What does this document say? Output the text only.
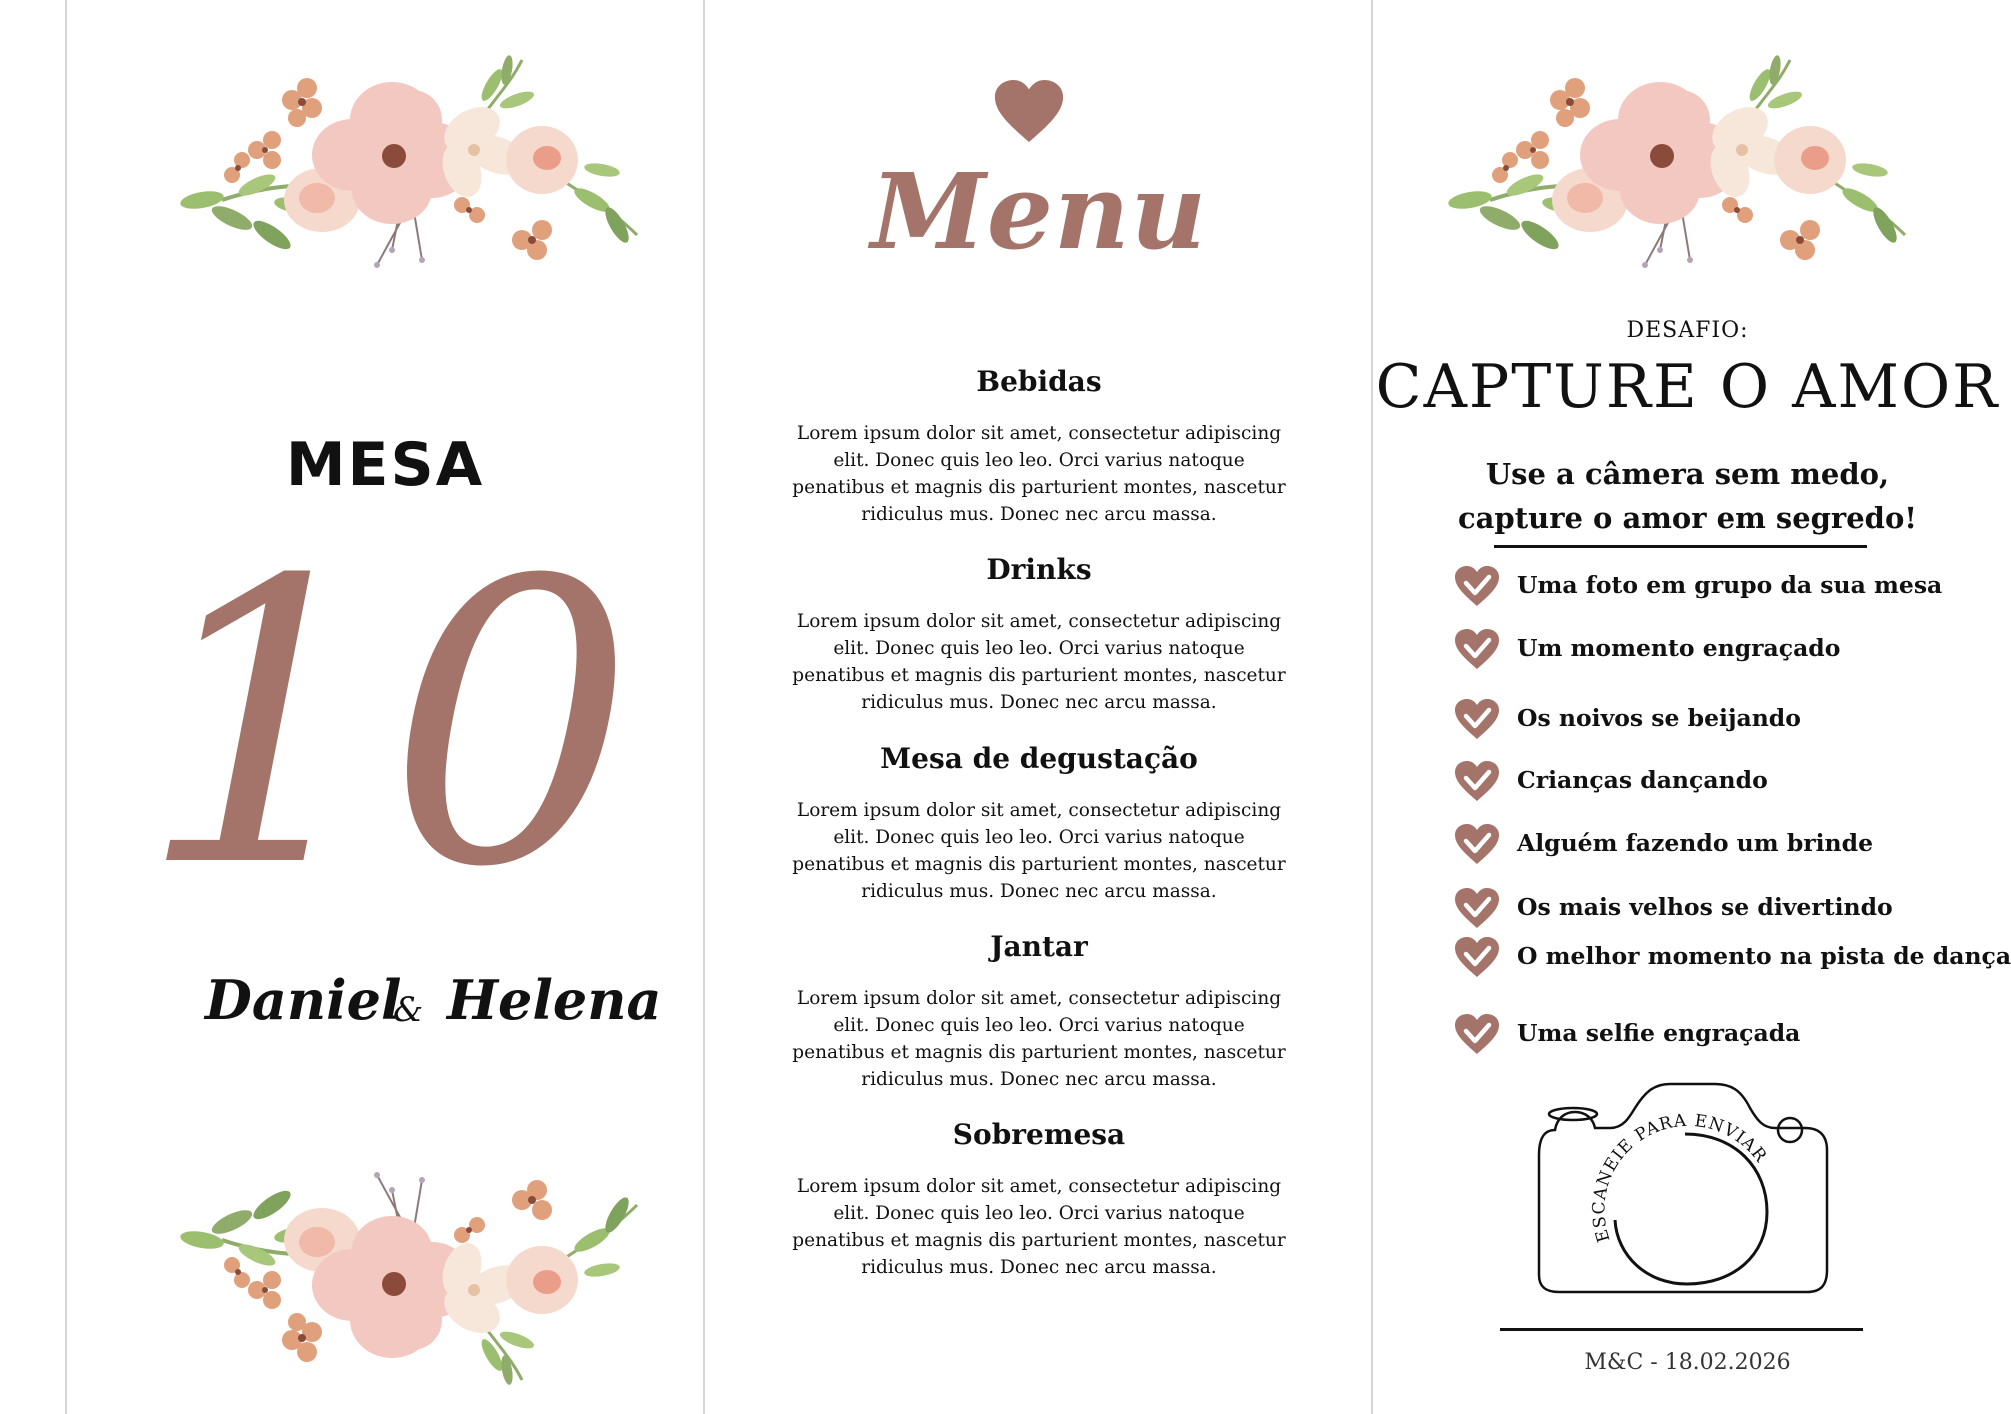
MESA
10
Daniel
& Helena
Menu
Bebidas
Lorem ipsum dolor sit amet, consectetur adipiscing elit. Donec quis leo leo. Orci varius natoque penatibus et magnis dis parturient montes, nascetur ridiculus mus. Donec nec arcu massa.
Drinks
Lorem ipsum dolor sit amet, consectetur adipiscing elit. Donec quis leo leo. Orci varius natoque penatibus et magnis dis parturient montes, nascetur ridiculus mus. Donec nec arcu massa.
Mesa de degustação
Lorem ipsum dolor sit amet, consectetur adipiscing elit. Donec quis leo leo. Orci varius natoque penatibus et magnis dis parturient montes, nascetur ridiculus mus. Donec nec arcu massa.
Jantar
Lorem ipsum dolor sit amet, consectetur adipiscing elit. Donec quis leo leo. Orci varius natoque penatibus et magnis dis parturient montes, nascetur ridiculus mus. Donec nec arcu massa.
Sobremesa
Lorem ipsum dolor sit amet, consectetur adipiscing elit. Donec quis leo leo. Orci varius natoque penatibus et magnis dis parturient montes, nascetur ridiculus mus. Donec nec arcu massa.
DESAFIO:
CAPTURE O AMOR
Use a câmera sem medo,
capture o amor em segredo!
Uma foto em grupo da sua mesa
Um momento engraçado
Os noivos se beijando
Crianças dançando
Alguém fazendo um brinde
Os mais velhos se divertindo
O melhor momento na pista de dança
Uma selfie engraçada
ESCANEIE PARA ENVIAR
M&C - 18.02.2026
